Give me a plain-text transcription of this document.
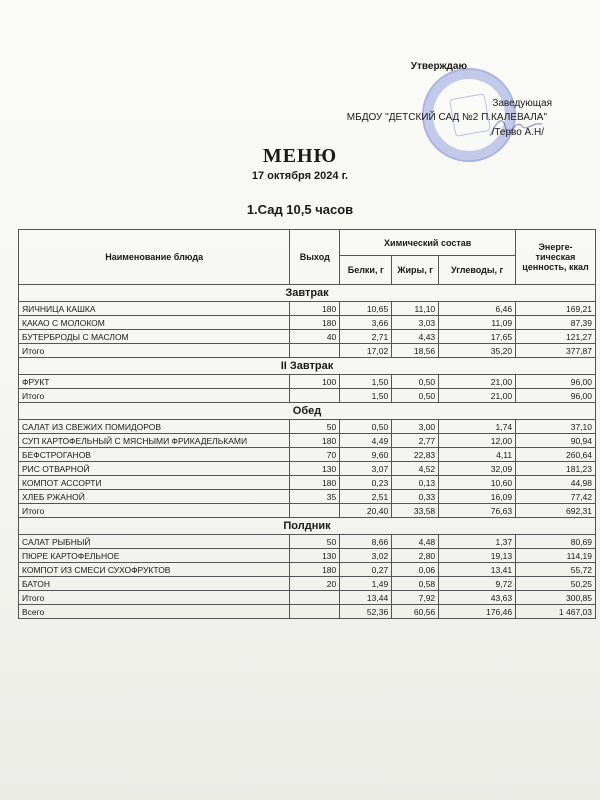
Утверждаю
Заведующая
МБДОУ "ДЕТСКИЙ САД №2 П.КАЛЕВАЛА"
/Терво А.Н/
МЕНЮ
17 октября 2024 г.
1.Сад 10,5 часов
Наименование блюда	Выход	Химический состав			Энерге-тическая ценность, ккал
		Белки, г	Жиры, г	Углеводы, г	
Завтрак					
ЯИЧНИЦА КАШКА	180	10,65	11,10	6,46	169,21
КАКАО С МОЛОКОМ	180	3,66	3,03	11,09	87,39
БУТЕРБРОДЫ С МАСЛОМ	40	2,71	4,43	17,65	121,27
Итого		17,02	18,56	35,20	377,87
II Завтрак					
ФРУКТ	100	1,50	0,50	21,00	96,00
Итого		1,50	0,50	21,00	96,00
Обед					
САЛАТ ИЗ СВЕЖИХ ПОМИДОРОВ	50	0,50	3,00	1,74	37,10
СУП КАРТОФЕЛЬНЫЙ С МЯСНЫМИ ФРИКАДЕЛЬКАМИ	180	4,49	2,77	12,00	90,94
БЕФСТРОГАНОВ	70	9,60	22,83	4,11	260,64
РИС ОТВАРНОЙ	130	3,07	4,52	32,09	181,23
КОМПОТ АССОРТИ	180	0,23	0,13	10,60	44,98
ХЛЕБ РЖАНОЙ	35	2,51	0,33	16,09	77,42
Итого		20,40	33,58	76,63	692,31
Полдник					
САЛАТ РЫБНЫЙ	50	8,66	4,48	1,37	80,69
ПЮРЕ КАРТОФЕЛЬНОЕ	130	3,02	2,80	19,13	114,19
КОМПОТ ИЗ СМЕСИ СУХОФРУКТОВ	180	0,27	0,06	13,41	55,72
БАТОН	20	1,49	0,58	9,72	50,25
Итого		13,44	7,92	43,63	300,85
Всего		52,36	60,56	176,46	1 467,03
